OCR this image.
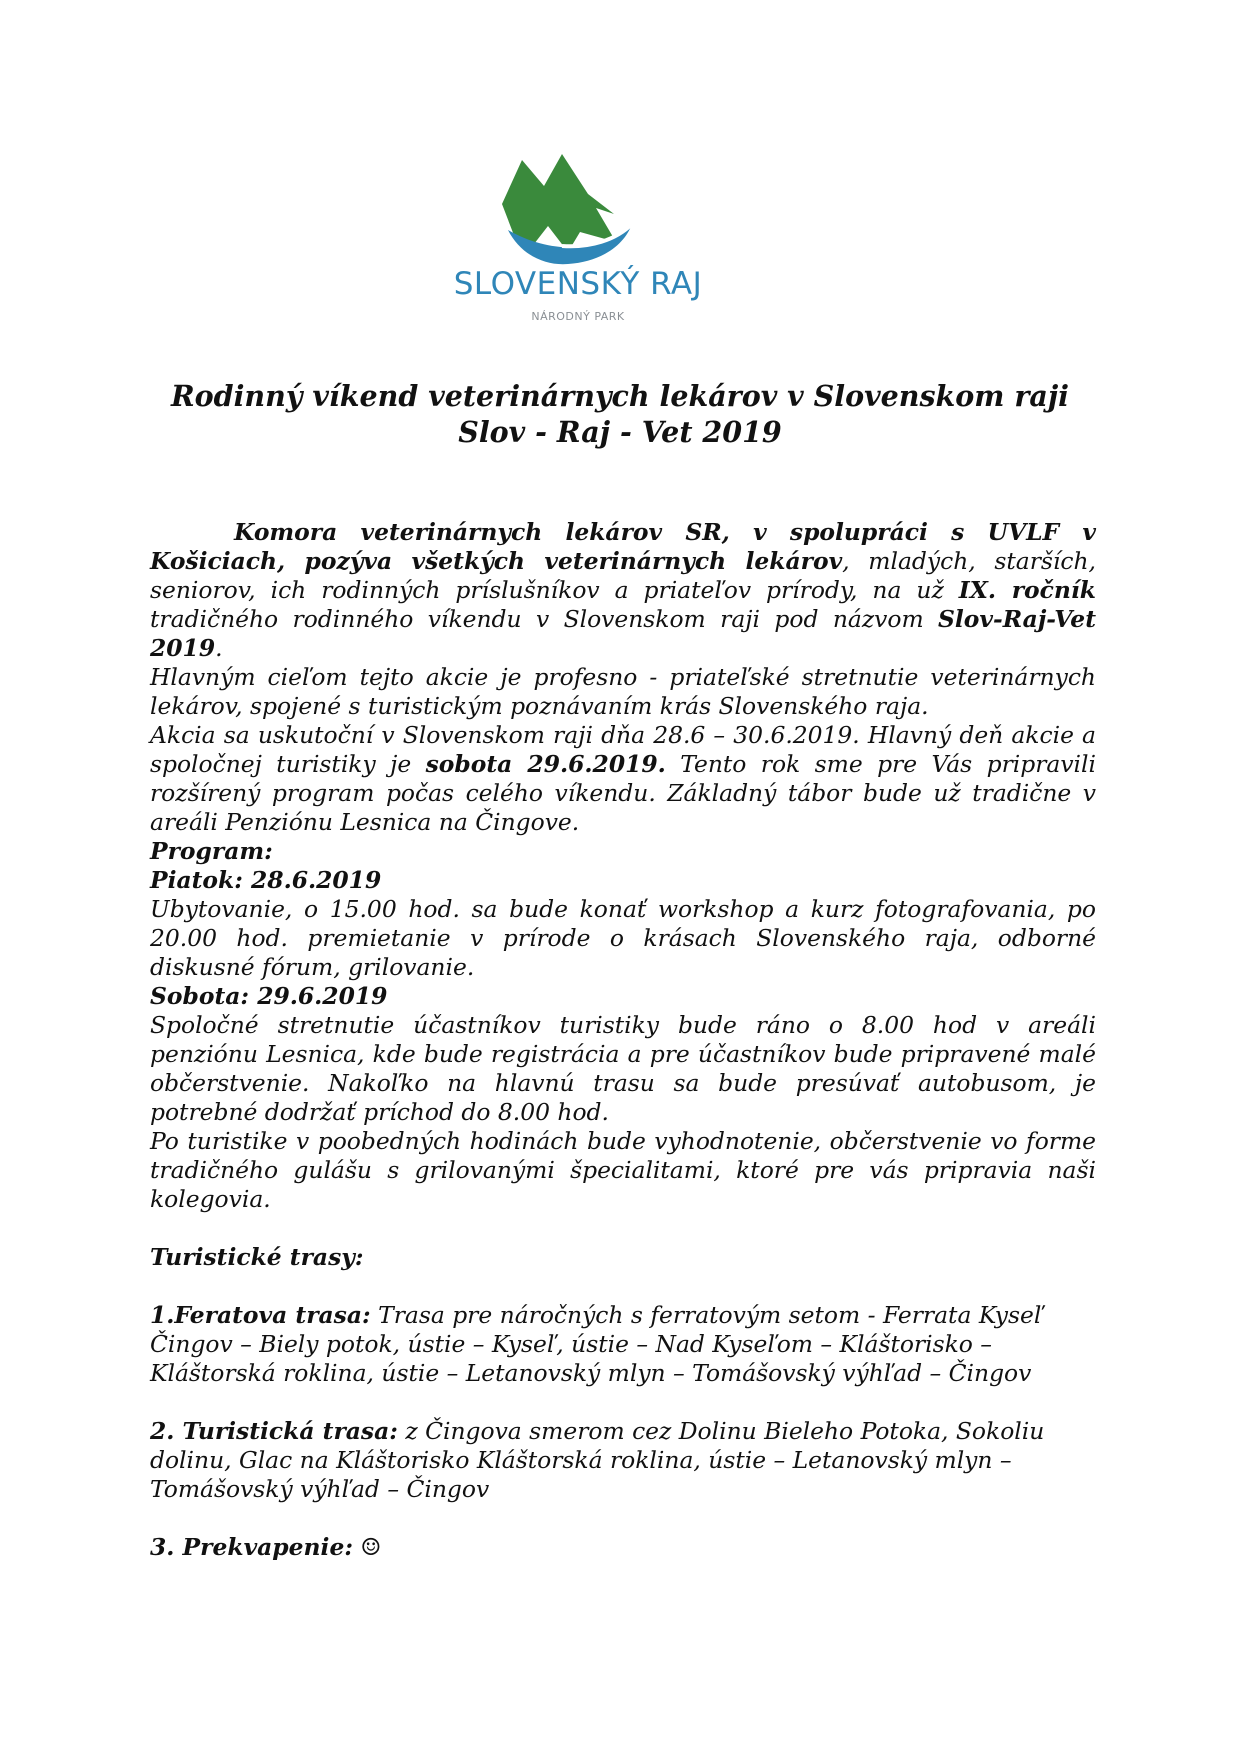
SLOVENSKÝ RAJ
NÁRODNÝ PARK
Rodinný víkend veterinárnych lekárov v Slovenskom raji
Slov - Raj - Vet 2019

Komora veterinárnych lekárov SR, v spolupráci s UVLF v Košiciach, pozýva všetkých veterinárnych lekárov, mladých, starších, seniorov, ich rodinných príslušníkov a priateľov prírody, na už IX. ročník tradičného rodinného víkendu v Slovenskom raji pod názvom Slov-Raj-Vet 2019.

Hlavným cieľom tejto akcie je profesno - priateľské stretnutie veterinárnych lekárov, spojené s turistickým poznávaním krás Slovenského raja.

Akcia sa uskutoční v Slovenskom raji dňa 28.6 – 30.6.2019. Hlavný deň akcie a spoločnej turistiky je sobota 29.6.2019. Tento rok sme pre Vás pripravili rozšírený program počas celého víkendu. Základný tábor bude už tradične v areáli Penziónu Lesnica na Čingove.

Program:

Piatok: 28.6.2019

Ubytovanie, o 15.00 hod. sa bude konať workshop a kurz fotografovania, po 20.00 hod. premietanie v prírode o krásach Slovenského raja, odborné diskusné fórum, grilovanie.

Sobota: 29.6.2019

Spoločné stretnutie účastníkov turistiky bude ráno o 8.00 hod v areáli penziónu Lesnica, kde bude registrácia a pre účastníkov bude pripravené malé občerstvenie. Nakoľko na hlavnú trasu sa bude presúvať autobusom, je potrebné dodržať príchod do 8.00 hod.

Po turistike v poobedných hodinách bude vyhodnotenie, občerstvenie vo forme tradičného gulášu s grilovanými špecialitami, ktoré pre vás pripravia naši kolegovia.

Turistické trasy:

1.Feratova trasa: Trasa pre náročných s ferratovým setom - Ferrata Kyseľ Čingov – Biely potok, ústie – Kyseľ, ústie – Nad Kyseľom – Kláštorisko – Kláštorská roklina, ústie – Letanovský mlyn – Tomášovský výhľad – Čingov

2. Turistická trasa: z Čingova smerom cez Dolinu Bieleho Potoka, Sokoliu dolinu, Glac na Kláštorisko Kláštorská roklina, ústie – Letanovský mlyn – Tomášovský výhľad – Čingov

3. Prekvapenie: ☺
